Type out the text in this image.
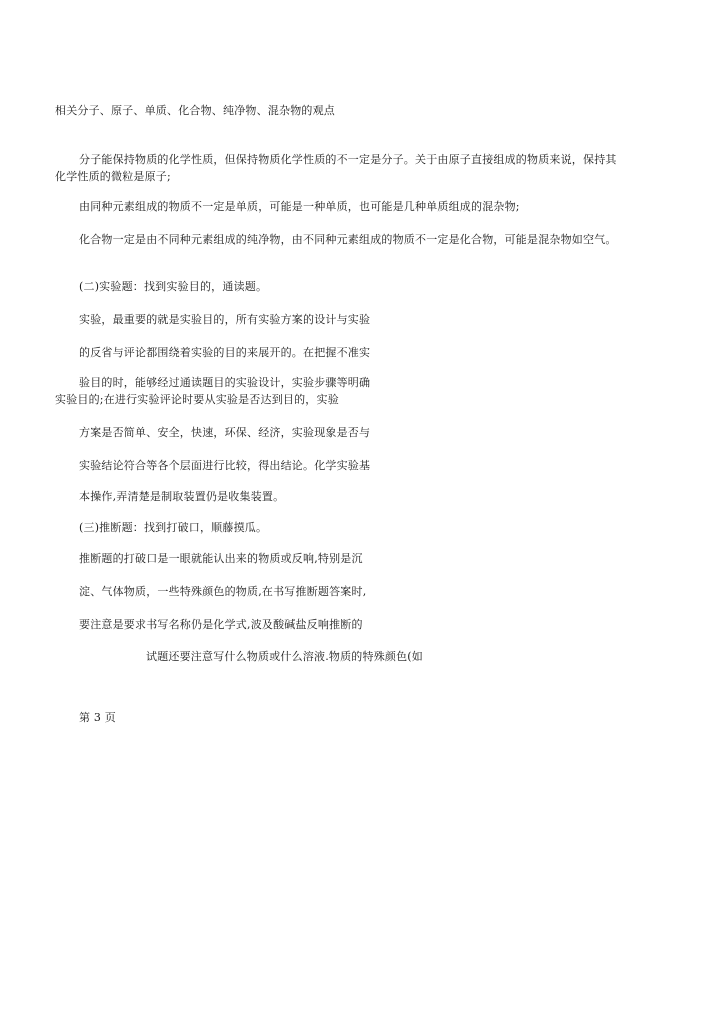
相关分子、原子、单质、化合物、纯净物、混杂物的观点
分子能保持物质的化学性质，但保持物质化学性质的不一定是分子。关于由原子直接组成的物质来说，保持其
化学性质的微粒是原子;
由同种元素组成的物质不一定是单质，可能是一种单质，也可能是几种单质组成的混杂物;
化合物一定是由不同种元素组成的纯净物，由不同种元素组成的物质不一定是化合物，可能是混杂物如空气。
(二)实验题：找到实验目的，通读题。
实验，最重要的就是实验目的，所有实验方案的设计与实验
的反省与评论都围绕着实验的目的来展开的。在把握不准实
验目的时，能够经过通读题目的实验设计，实验步骤等明确
实验目的;在进行实验评论时要从实验是否达到目的，实验
方案是否简单、安全，快速，环保、经济，实验现象是否与
实验结论符合等各个层面进行比较，得出结论。化学实验基
本操作,弄清楚是制取装置仍是收集装置。
(三)推断题：找到打破口，顺藤摸瓜。
推断题的打破口是一眼就能认出来的物质或反响,特别是沉
淀、气体物质，一些特殊颜色的物质,在书写推断题答案时,
要注意是要求书写名称仍是化学式,波及酸碱盐反响推断的
试题还要注意写什么物质或什么溶液.物质的特殊颜色(如
第 3 页
